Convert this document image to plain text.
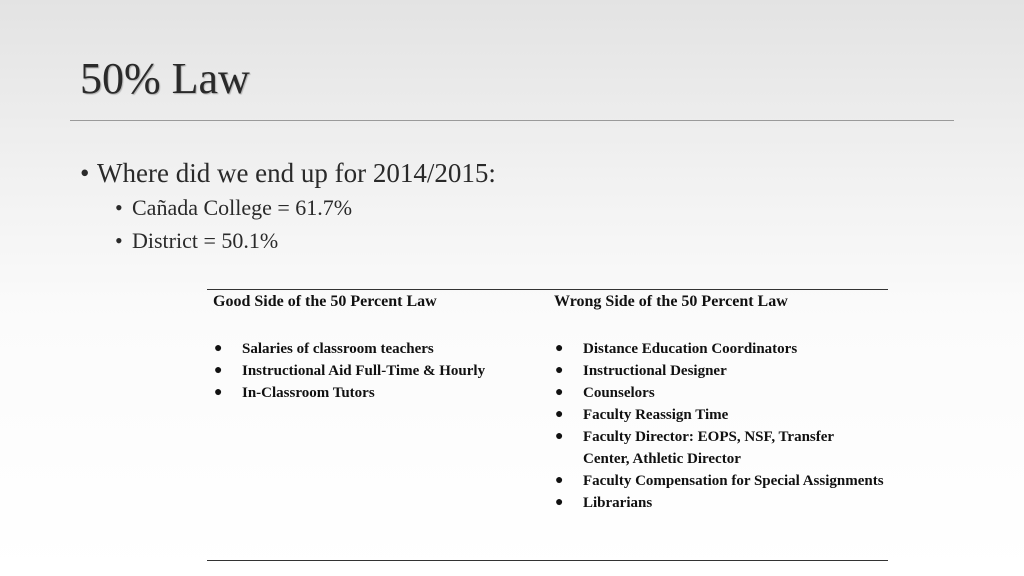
50% Law
• Where did we end up for 2014/2015:
• Cañada College = 61.7%
• District = 50.1%
Good Side of the 50 Percent Law
● Salaries of classroom teachers
● Instructional Aid Full-Time & Hourly
● In-Classroom Tutors
Wrong Side of the 50 Percent Law
● Distance Education Coordinators
● Instructional Designer
● Counselors
● Faculty Reassign Time
● Faculty Director: EOPS, NSF, Transfer Center, Athletic Director
● Faculty Compensation for Special Assignments
● Librarians
